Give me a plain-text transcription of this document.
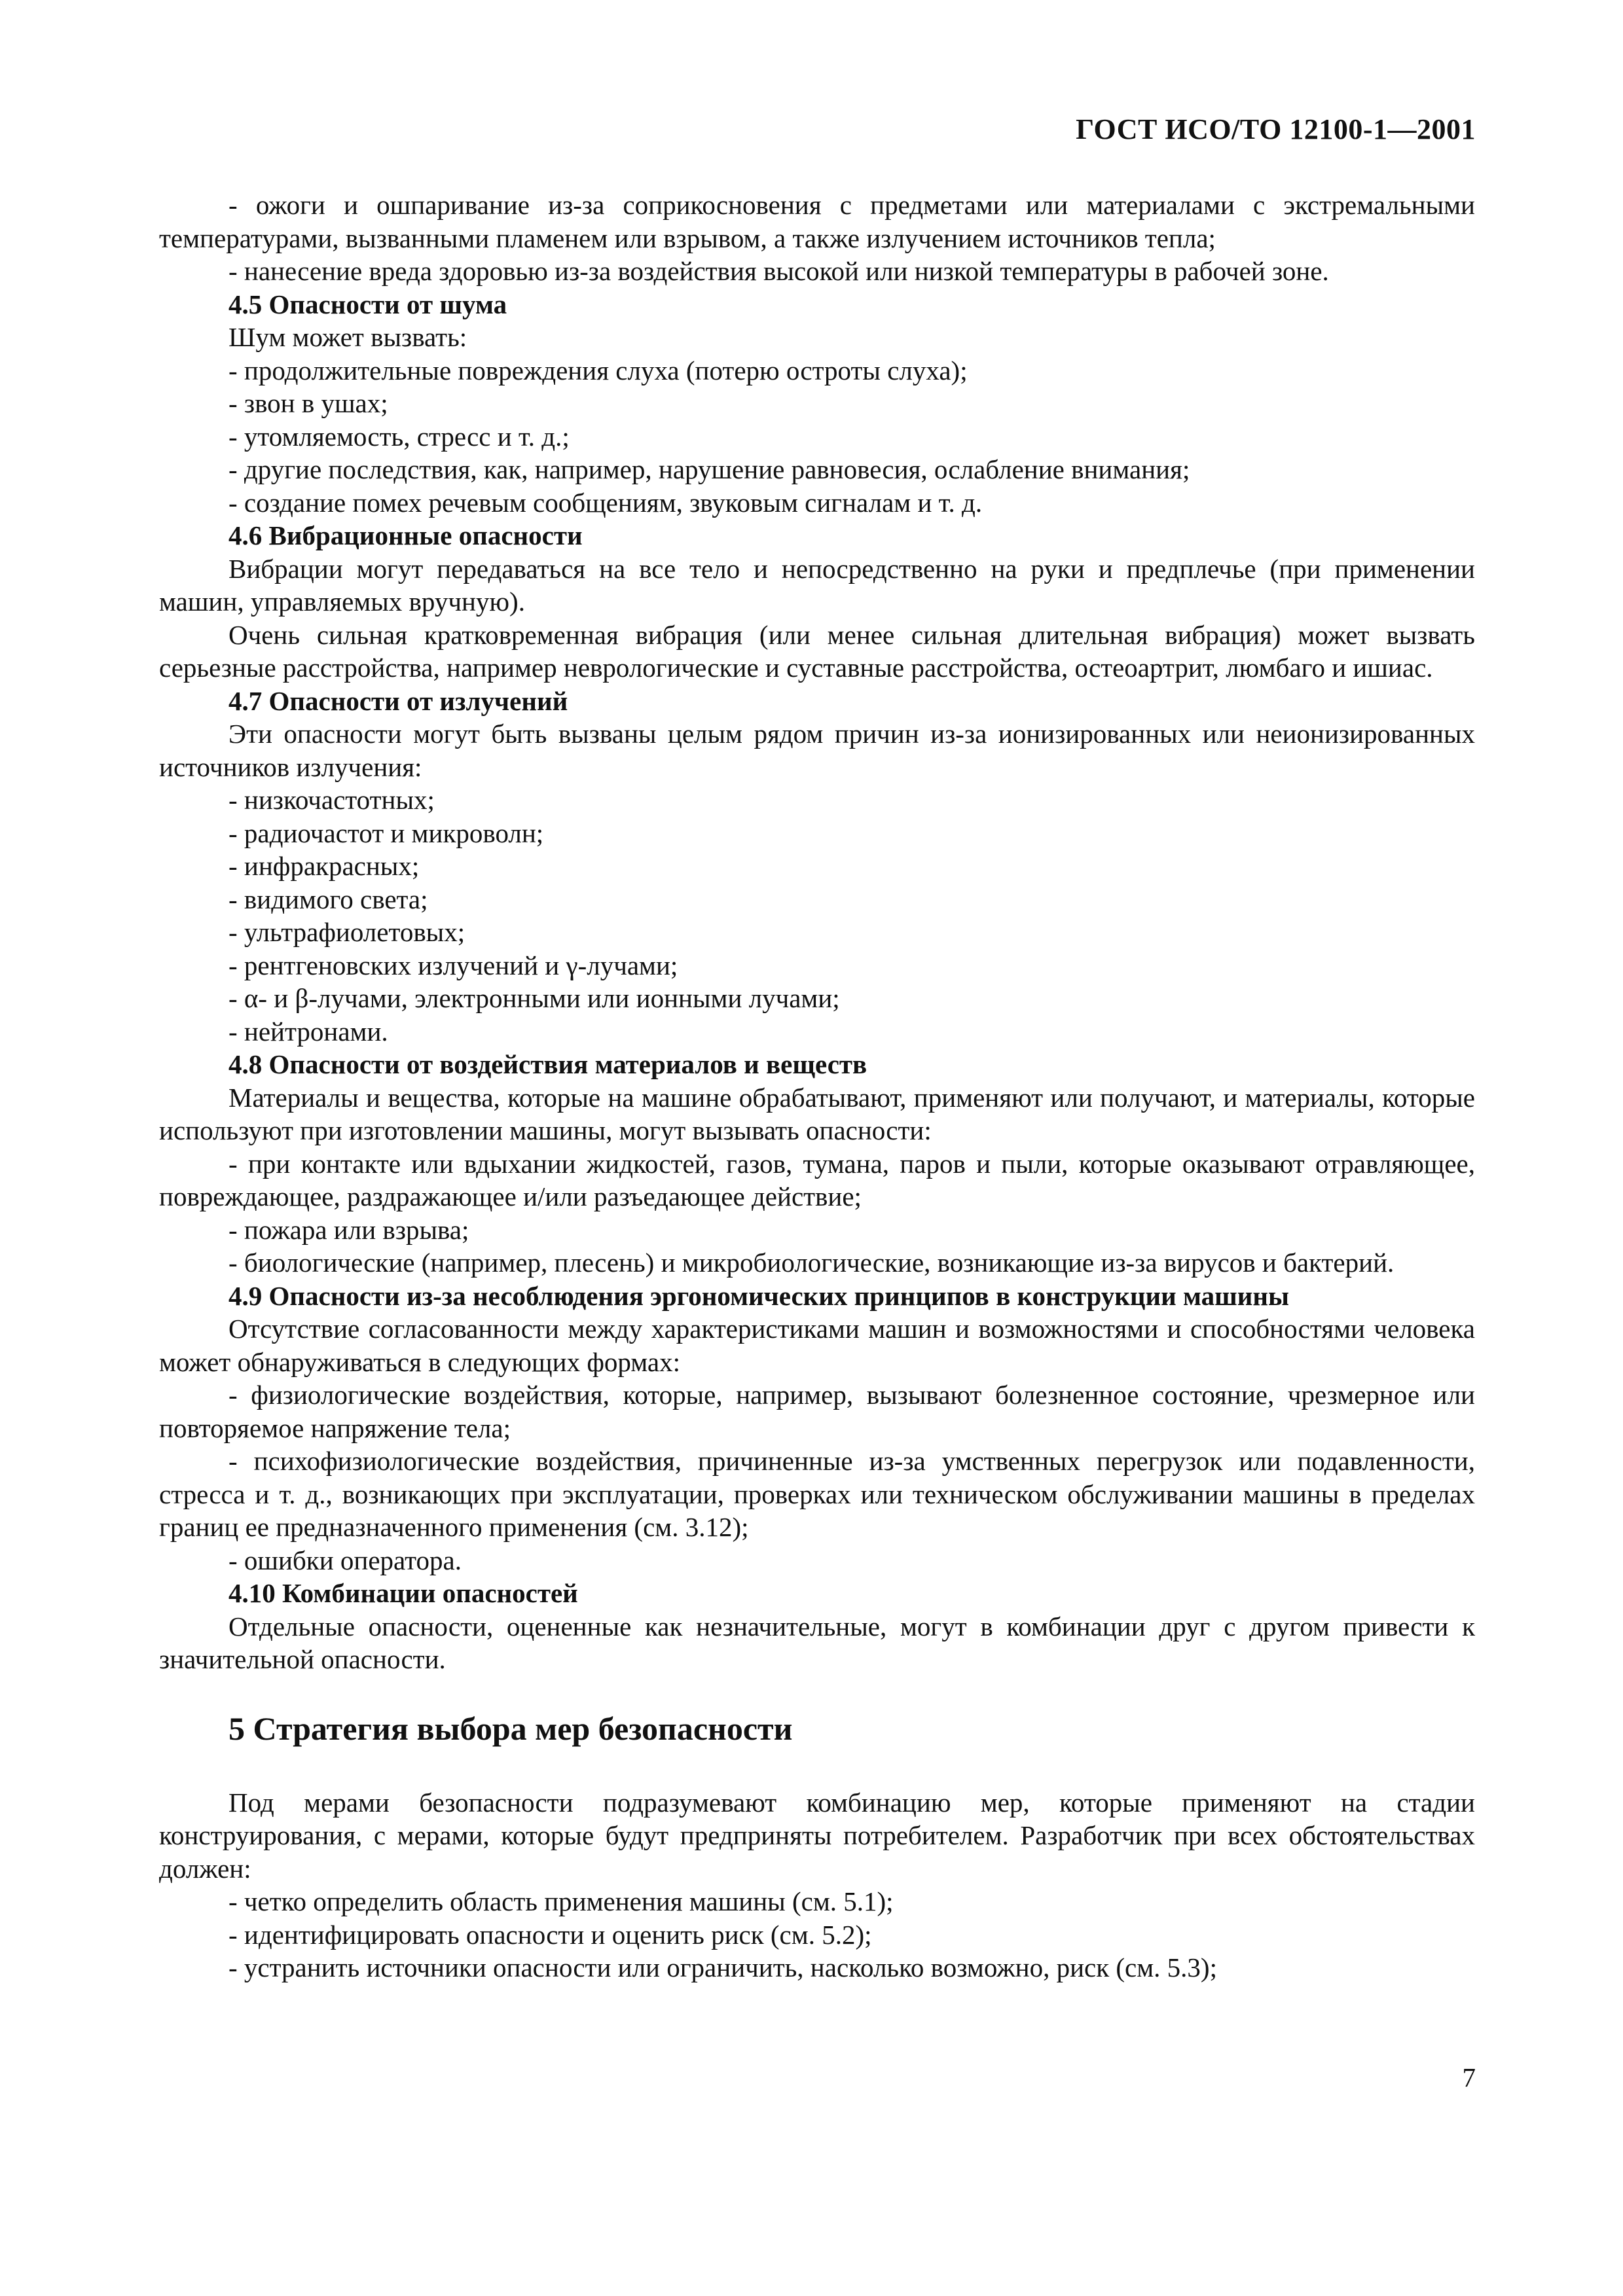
ГОСТ ИСО/ТО 12100-1—2001
- ожоги и ошпаривание из-за соприкосновения с предметами или материалами с экстремальными температурами, вызванными пламенем или взрывом, а также излучением источников тепла;
- нанесение вреда здоровью из-за воздействия высокой или низкой температуры в рабочей зоне.
4.5 Опасности от шума
Шум может вызвать:
- продолжительные повреждения слуха (потерю остроты слуха);
- звон в ушах;
- утомляемость, стресс и т. д.;
- другие последствия, как, например, нарушение равновесия, ослабление внимания;
- создание помех речевым сообщениям, звуковым сигналам и т. д.
4.6 Вибрационные опасности
Вибрации могут передаваться на все тело и непосредственно на руки и предплечье (при применении машин, управляемых вручную).
Очень сильная кратковременная вибрация (или менее сильная длительная вибрация) может вызвать серьезные расстройства, например неврологические и суставные расстройства, остеоартрит, люмбаго и ишиас.
4.7 Опасности от излучений
Эти опасности могут быть вызваны целым рядом причин из-за ионизированных или неионизированных источников излучения:
- низкочастотных;
- радиочастот и микроволн;
- инфракрасных;
- видимого света;
- ультрафиолетовых;
- рентгеновских излучений и γ-лучами;
- α- и β-лучами, электронными или ионными лучами;
- нейтронами.
4.8 Опасности от воздействия материалов и веществ
Материалы и вещества, которые на машине обрабатывают, применяют или получают, и материалы, которые используют при изготовлении машины, могут вызывать опасности:
- при контакте или вдыхании жидкостей, газов, тумана, паров и пыли, которые оказывают отравляющее, повреждающее, раздражающее и/или разъедающее действие;
- пожара или взрыва;
- биологические (например, плесень) и микробиологические, возникающие из-за вирусов и бактерий.
4.9 Опасности из-за несоблюдения эргономических принципов в конструкции машины
Отсутствие согласованности между характеристиками машин и возможностями и способностями человека может обнаруживаться в следующих формах:
- физиологические воздействия, которые, например, вызывают болезненное состояние, чрезмерное или повторяемое напряжение тела;
- психофизиологические воздействия, причиненные из-за умственных перегрузок или подавленности, стресса и т. д., возникающих при эксплуатации, проверках или техническом обслуживании машины в пределах границ ее предназначенного применения (см. 3.12);
- ошибки оператора.
4.10 Комбинации опасностей
Отдельные опасности, оцененные как незначительные, могут в комбинации друг с другом привести к значительной опасности.
5 Стратегия выбора мер безопасности
Под мерами безопасности подразумевают комбинацию мер, которые применяют на стадии конструирования, с мерами, которые будут предприняты потребителем. Разработчик при всех обстоятельствах должен:
- четко определить область применения машины (см. 5.1);
- идентифицировать опасности и оценить риск (см. 5.2);
- устранить источники опасности или ограничить, насколько возможно, риск (см. 5.3);
7
